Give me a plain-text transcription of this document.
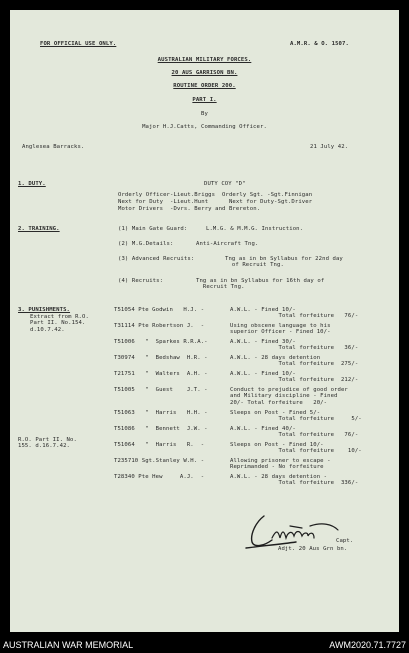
FOR OFFICIAL USE ONLY.	A.M.R. & O. 1507.
AUSTRALIAN MILITARY FORCES.
20 AUS GARRISON BN.
ROUTINE ORDER 200.
PART I.
By
Major H.J.Catts, Commanding Officer.
Anglesea Barracks.	21 July 42.
1. DUTY.	DUTY COY "D"
Orderly Officer-Lieut.Briggs  Orderly Sgt. -Sgt.Finnigan
Next for Duty  -Lieut.Hunt      Next for Duty-Sgt.Driver
Motor Drivers  -Dvrs. Berry and Brereton.
2. TRAINING.	(1) Main Gate Guard:	L.M.G. & M.M.G. Instruction.
(2) M.G.Details:	Anti-Aircraft Tng.
(3) Advanced Recruits:	Tng as in bn Syllabus for 22nd day
of Recruit Tng.
(4) Recruits:	Tng as in bn Syllabus for 16th day of
Recruit Tng.
3. PUNISHMENTS.
Extract from R.O.
Part II. No.154.
d.10.7.42.
R.O. Part II. No.
155. d.16.7.42.
T51054 Pte Godwin   H.J. -	A.W.L. - Fined 10/-
Total forfeiture   76/-
T31114 Pte Robertson J.  -	Using obscene language to his
superior Officer - Fined 10/-
T51006   "  Sparkes R.R.A.-	A.W.L. - Fined 30/-
Total forfeiture   36/-
T30974   "  Bedshaw  H.R. -	A.W.L. - 28 days detention
Total forfeiture  275/-
T21751   "  Walters  A.H. -	A.W.L. - Fined 10/-
Total forfeiture  212/-
T51005   "  Guest    J.T. -	Conduct to prejudice of good order
and Military discipline - Fined
20/- Total forfeiture   20/-
T51063   "  Harris   H.H. -	Sleeps on Post - Fined 5/-
Total forfeiture     5/-
T51086   "  Bennett  J.W. -	A.W.L. - Fined 40/-
Total forfeiture   76/-
T51064   "  Harris   R.  -	Sleeps on Post - Fined 10/-
Total forfeiture    10/-
T235710 Sgt.Stanley W.H. -	Allowing prisoner to escape -
Reprimanded - No forfeiture
T28340 Pte Hew     A.J.  -	A.W.L. - 28 days detention -
Total forfeiture  336/-
Capt.
Adjt. 20 Aus Grn bn.
AUSTRALIAN WAR MEMORIAL	AWM2020.71.7727
